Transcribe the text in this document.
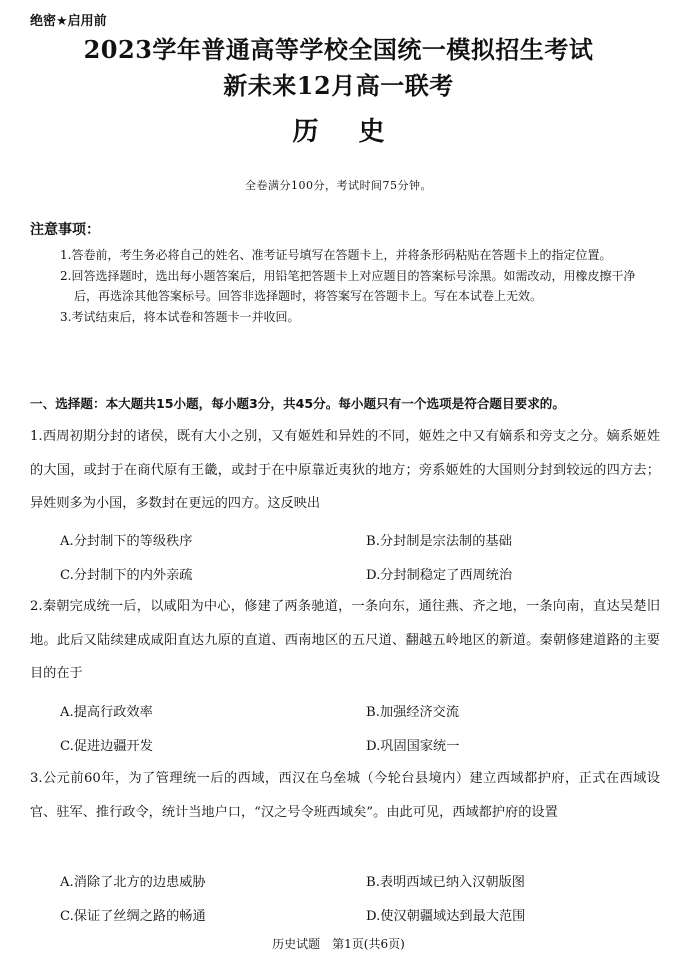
绝密★启用前
2023学年普通高等学校全国统一模拟招生考试
新未来12月高一联考
历史
全卷满分100分，考试时间75分钟。
注意事项：

1.答卷前，考生务必将自己的姓名、准考证号填写在答题卡上，并将条形码粘贴在答题卡上的指定位置。

2.回答选择题时，选出每小题答案后，用铅笔把答题卡上对应题目的答案标号涂黑。如需改动，用橡皮擦干净后，再选涂其他答案标号。回答非选择题时，将答案写在答题卡上。写在本试卷上无效。

3.考试结束后，将本试卷和答题卡一并收回。

一、选择题：本大题共15小题，每小题3分，共45分。每小题只有一个选项是符合题目要求的。

1.西周初期分封的诸侯，既有大小之别，又有姬姓和异姓的不同，姬姓之中又有嫡系和旁支之分。嫡系姬姓的大国，或封于在商代原有王畿，或封于在中原靠近夷狄的地方；旁系姬姓的大国则分封到较远的四方去；异姓则多为小国，多数封在更远的四方。这反映出

A.分封制下的等级秩序	B.分封制是宗法制的基础
C.分封制下的内外亲疏	D.分封制稳定了西周统治

2.秦朝完成统一后，以咸阳为中心，修建了两条驰道，一条向东，通往燕、齐之地，一条向南，直达吴楚旧地。此后又陆续建成咸阳直达九原的直道、西南地区的五尺道、翻越五岭地区的新道。秦朝修建道路的主要目的在于

A.提高行政效率	B.加强经济交流
C.促进边疆开发	D.巩固国家统一

3.公元前60年，为了管理统一后的西域，西汉在乌垒城（今轮台县境内）建立西域都护府，正式在西域设官、驻军、推行政令，统计当地户口，“汉之号令班西域矣”。由此可见，西域都护府的设置

A.消除了北方的边患威胁	B.表明西域已纳入汉朝版图
C.保证了丝绸之路的畅通	D.使汉朝疆域达到最大范围
历史试题　第1页(共6页)
